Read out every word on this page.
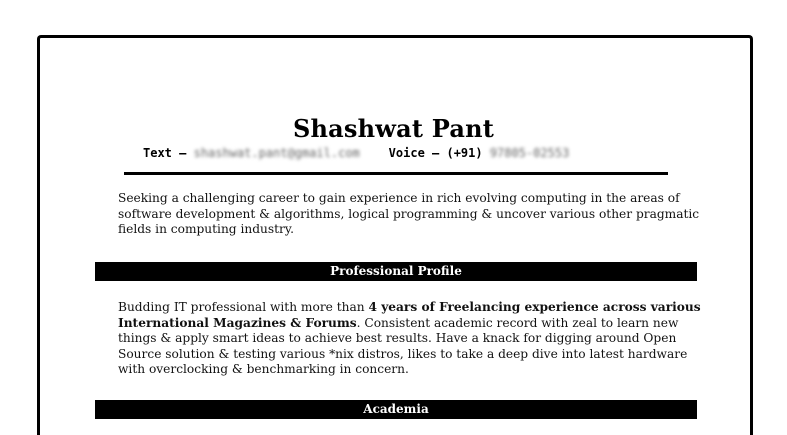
Shashwat Pant
Text – shashwat.pant@gmail.com Voice – (+91) 97805-02553
Seeking a challenging career to gain experience in rich evolving computing in the areas of software development & algorithms, logical programming & uncover various other pragmatic fields in computing industry.
Professional Profile
Budding IT professional with more than 4 years of Freelancing experience across various International Magazines & Forums. Consistent academic record with zeal to learn new things & apply smart ideas to achieve best results. Have a knack for digging around Open Source solution & testing various *nix distros, likes to take a deep dive into latest hardware with overclocking & benchmarking in concern.
Academia
